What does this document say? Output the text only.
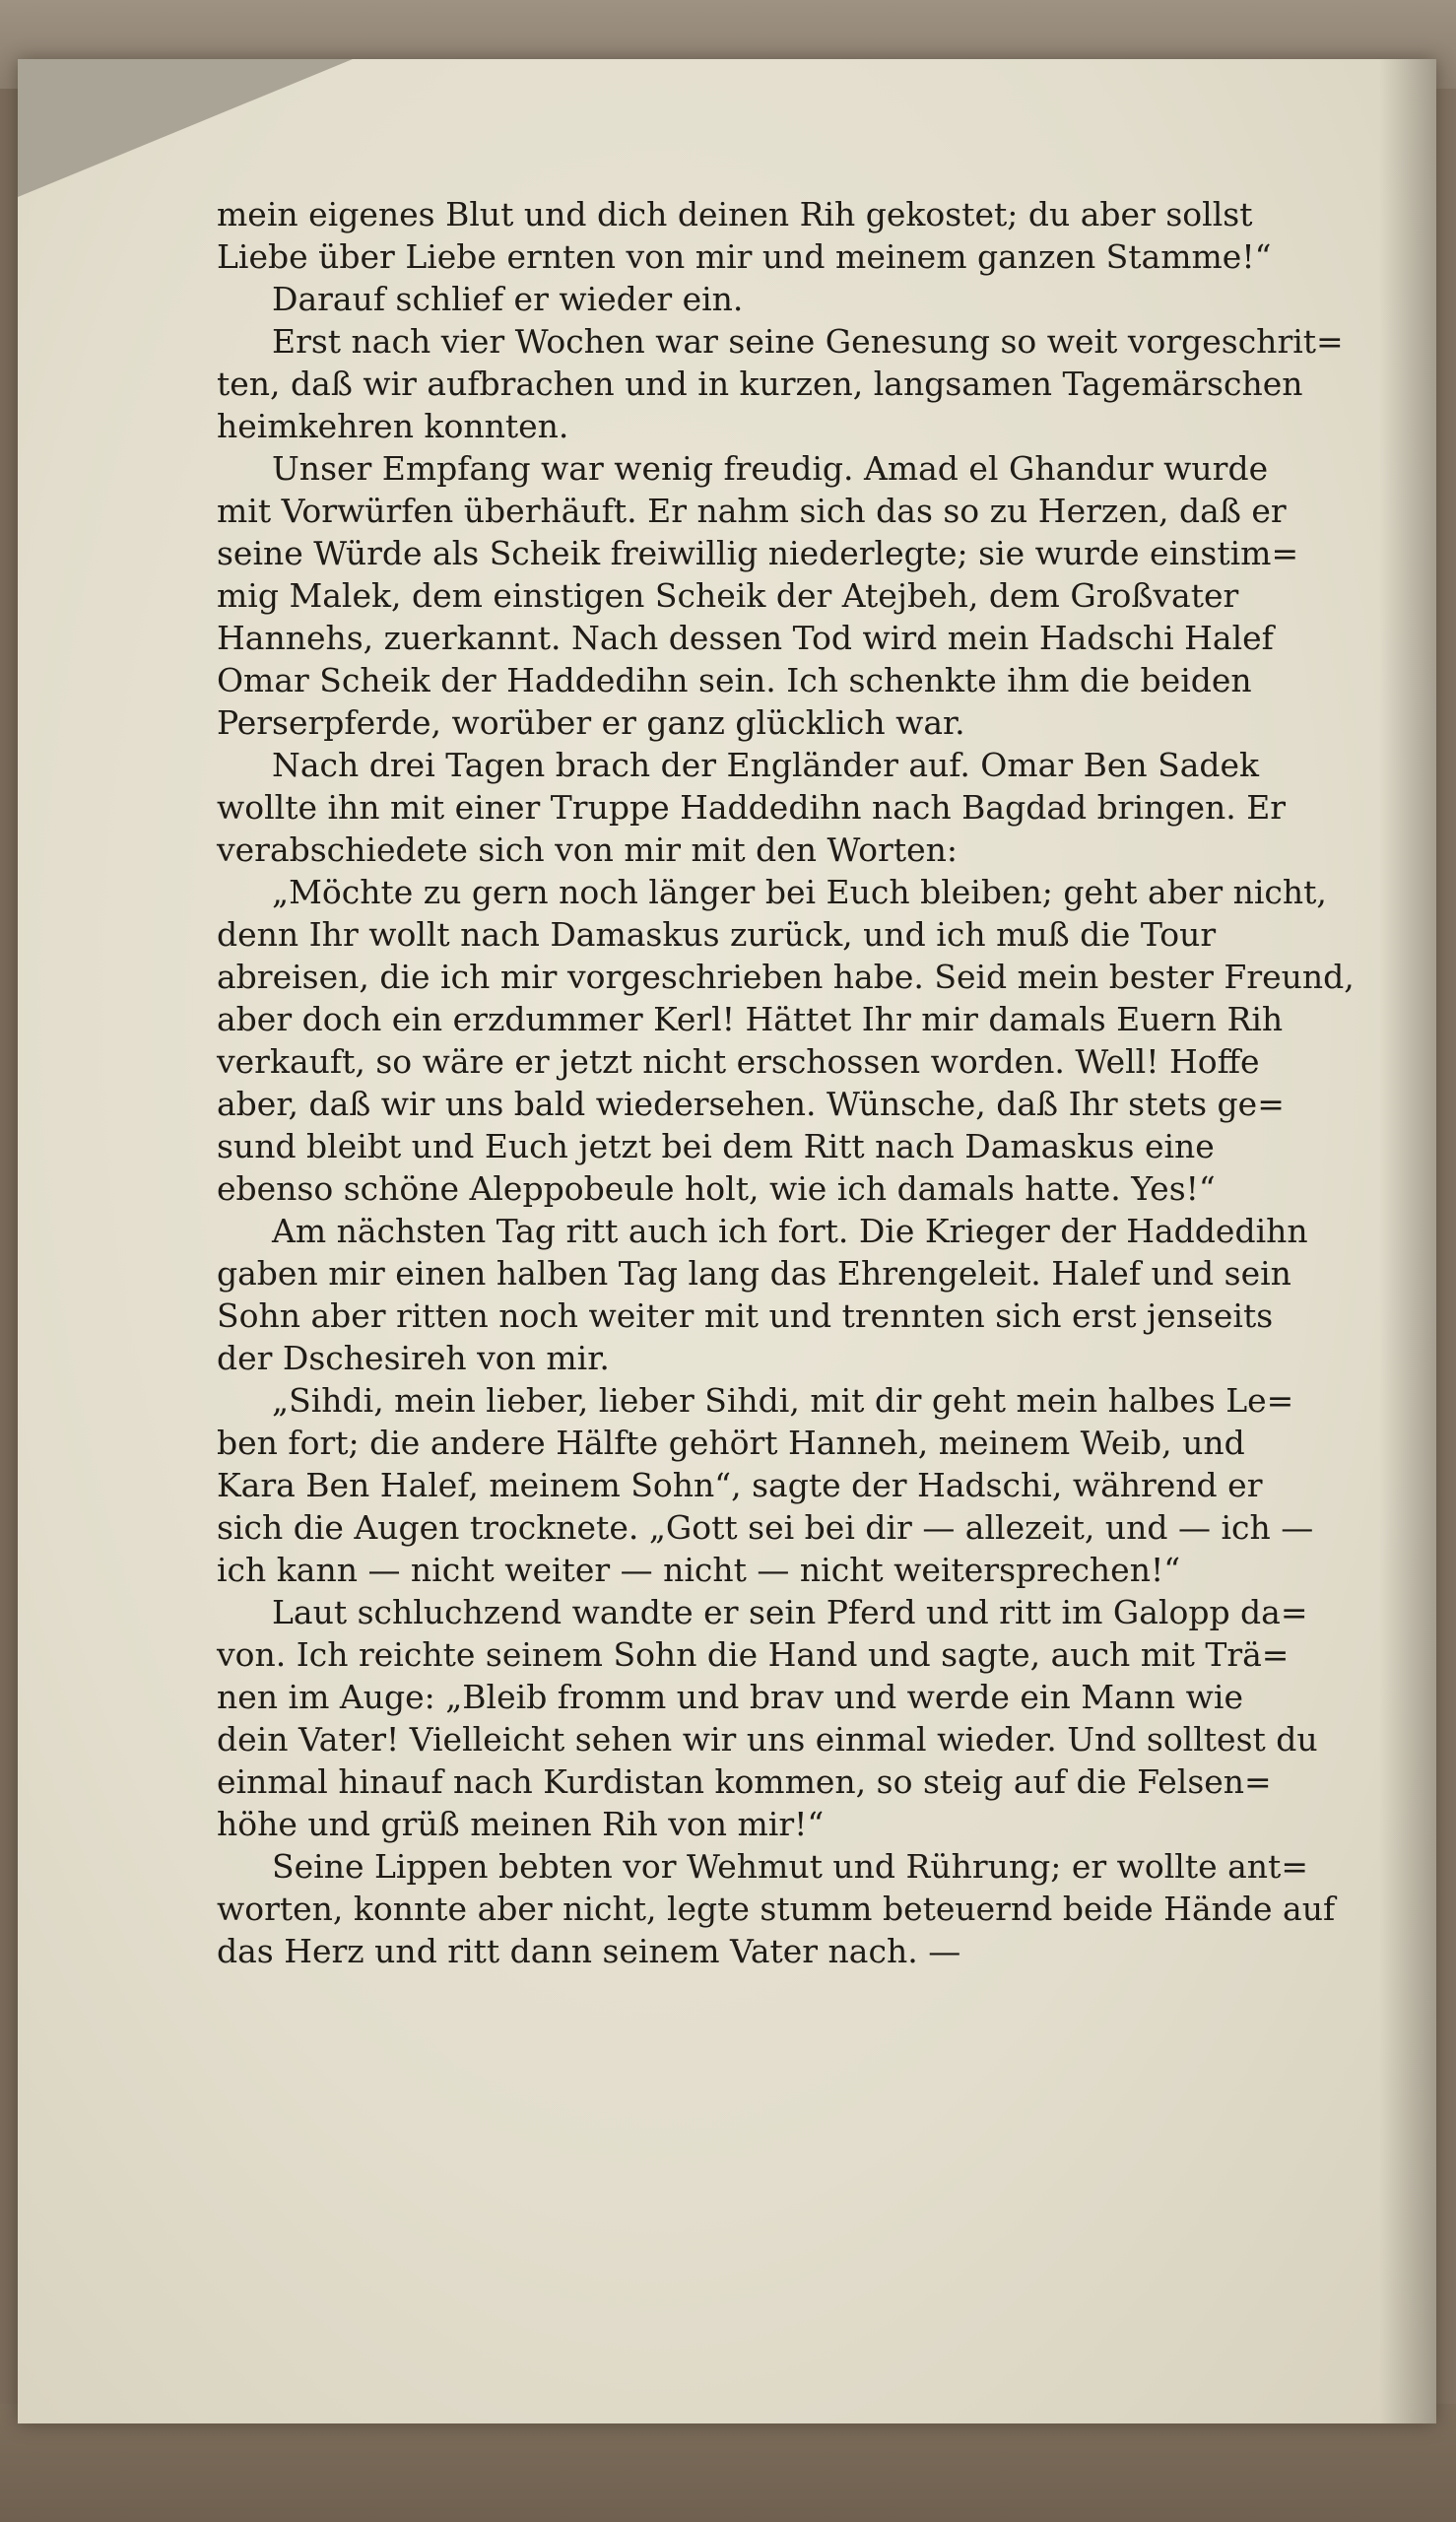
mein eigenes Blut und dich deinen Rih gekostet; du aber sollst
Liebe über Liebe ernten von mir und meinem ganzen Stamme!“

Darauf schlief er wieder ein.

Erst nach vier Wochen war seine Genesung so weit vorgeschrit=
ten, daß wir aufbrachen und in kurzen, langsamen Tagemärschen
heimkehren konnten.

Unser Empfang war wenig freudig. Amad el Ghandur wurde
mit Vorwürfen überhäuft. Er nahm sich das so zu Herzen, daß er
seine Würde als Scheik freiwillig niederlegte; sie wurde einstim=
mig Malek, dem einstigen Scheik der Atejbeh, dem Großvater
Hannehs, zuerkannt. Nach dessen Tod wird mein Hadschi Halef
Omar Scheik der Haddedihn sein. Ich schenkte ihm die beiden
Perserpferde, worüber er ganz glücklich war.

Nach drei Tagen brach der Engländer auf. Omar Ben Sadek
wollte ihn mit einer Truppe Haddedihn nach Bagdad bringen. Er
verabschiedete sich von mir mit den Worten:

„Möchte zu gern noch länger bei Euch bleiben; geht aber nicht,
denn Ihr wollt nach Damaskus zurück, und ich muß die Tour
abreisen, die ich mir vorgeschrieben habe. Seid mein bester Freund,
aber doch ein erzdummer Kerl! Hättet Ihr mir damals Euern Rih
verkauft, so wäre er jetzt nicht erschossen worden. Well! Hoffe
aber, daß wir uns bald wiedersehen. Wünsche, daß Ihr stets ge=
sund bleibt und Euch jetzt bei dem Ritt nach Damaskus eine
ebenso schöne Aleppobeule holt, wie ich damals hatte. Yes!“

Am nächsten Tag ritt auch ich fort. Die Krieger der Haddedihn
gaben mir einen halben Tag lang das Ehrengeleit. Halef und sein
Sohn aber ritten noch weiter mit und trennten sich erst jenseits
der Dschesireh von mir.

„Sihdi, mein lieber, lieber Sihdi, mit dir geht mein halbes Le=
ben fort; die andere Hälfte gehört Hanneh, meinem Weib, und
Kara Ben Halef, meinem Sohn“, sagte der Hadschi, während er
sich die Augen trocknete. „Gott sei bei dir — allezeit, und — ich —
ich kann — nicht weiter — nicht — nicht weitersprechen!“

Laut schluchzend wandte er sein Pferd und ritt im Galopp da=
von. Ich reichte seinem Sohn die Hand und sagte, auch mit Trä=
nen im Auge: „Bleib fromm und brav und werde ein Mann wie
dein Vater! Vielleicht sehen wir uns einmal wieder. Und solltest du
einmal hinauf nach Kurdistan kommen, so steig auf die Felsen=
höhe und grüß meinen Rih von mir!“

Seine Lippen bebten vor Wehmut und Rührung; er wollte ant=
worten, konnte aber nicht, legte stumm beteuernd beide Hände auf
das Herz und ritt dann seinem Vater nach. —
